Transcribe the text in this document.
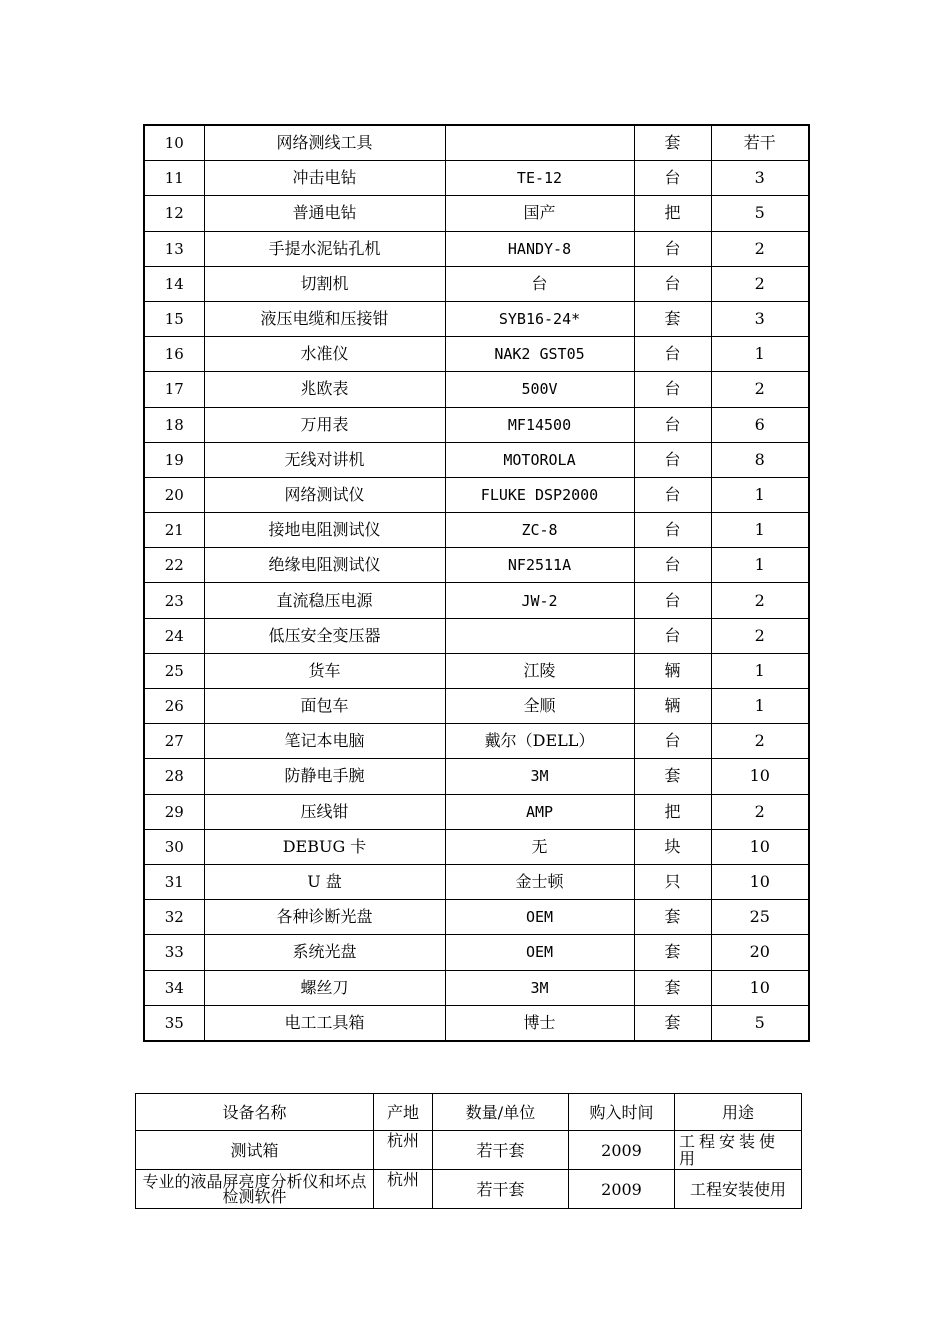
10	网络测线工具		套	若干
11	冲击电钻	TE-12	台	3
12	普通电钻	国产	把	5
13	手提水泥钻孔机	HANDY-8	台	2
14	切割机	台	台	2
15	液压电缆和压接钳	SYB16-24*	套	3
16	水准仪	NAK2 GST05	台	1
17	兆欧表	500V	台	2
18	万用表	MF14500	台	6
19	无线对讲机	MOTOROLA	台	8
20	网络测试仪	FLUKE DSP2000	台	1
21	接地电阻测试仪	ZC-8	台	1
22	绝缘电阻测试仪	NF2511A	台	1
23	直流稳压电源	JW-2	台	2
24	低压安全变压器		台	2
25	货车	江陵	辆	1
26	面包车	全顺	辆	1
27	笔记本电脑	戴尔（DELL）	台	2
28	防静电手腕	3M	套	10
29	压线钳	AMP	把	2
30	DEBUG 卡	无	块	10
31	U 盘	金士顿	只	10
32	各种诊断光盘	OEM	套	25
33	系统光盘	OEM	套	20
34	螺丝刀	3M	套	10
35	电工工具箱	博士	套	5
设备名称	产地	数量/单位	购入时间	用途
测试箱	杭州	若干套	2009	工程安装使用
专业的液晶屏亮度分析仪和坏点检测软件	杭州	若干套	2009	工程安装使用
